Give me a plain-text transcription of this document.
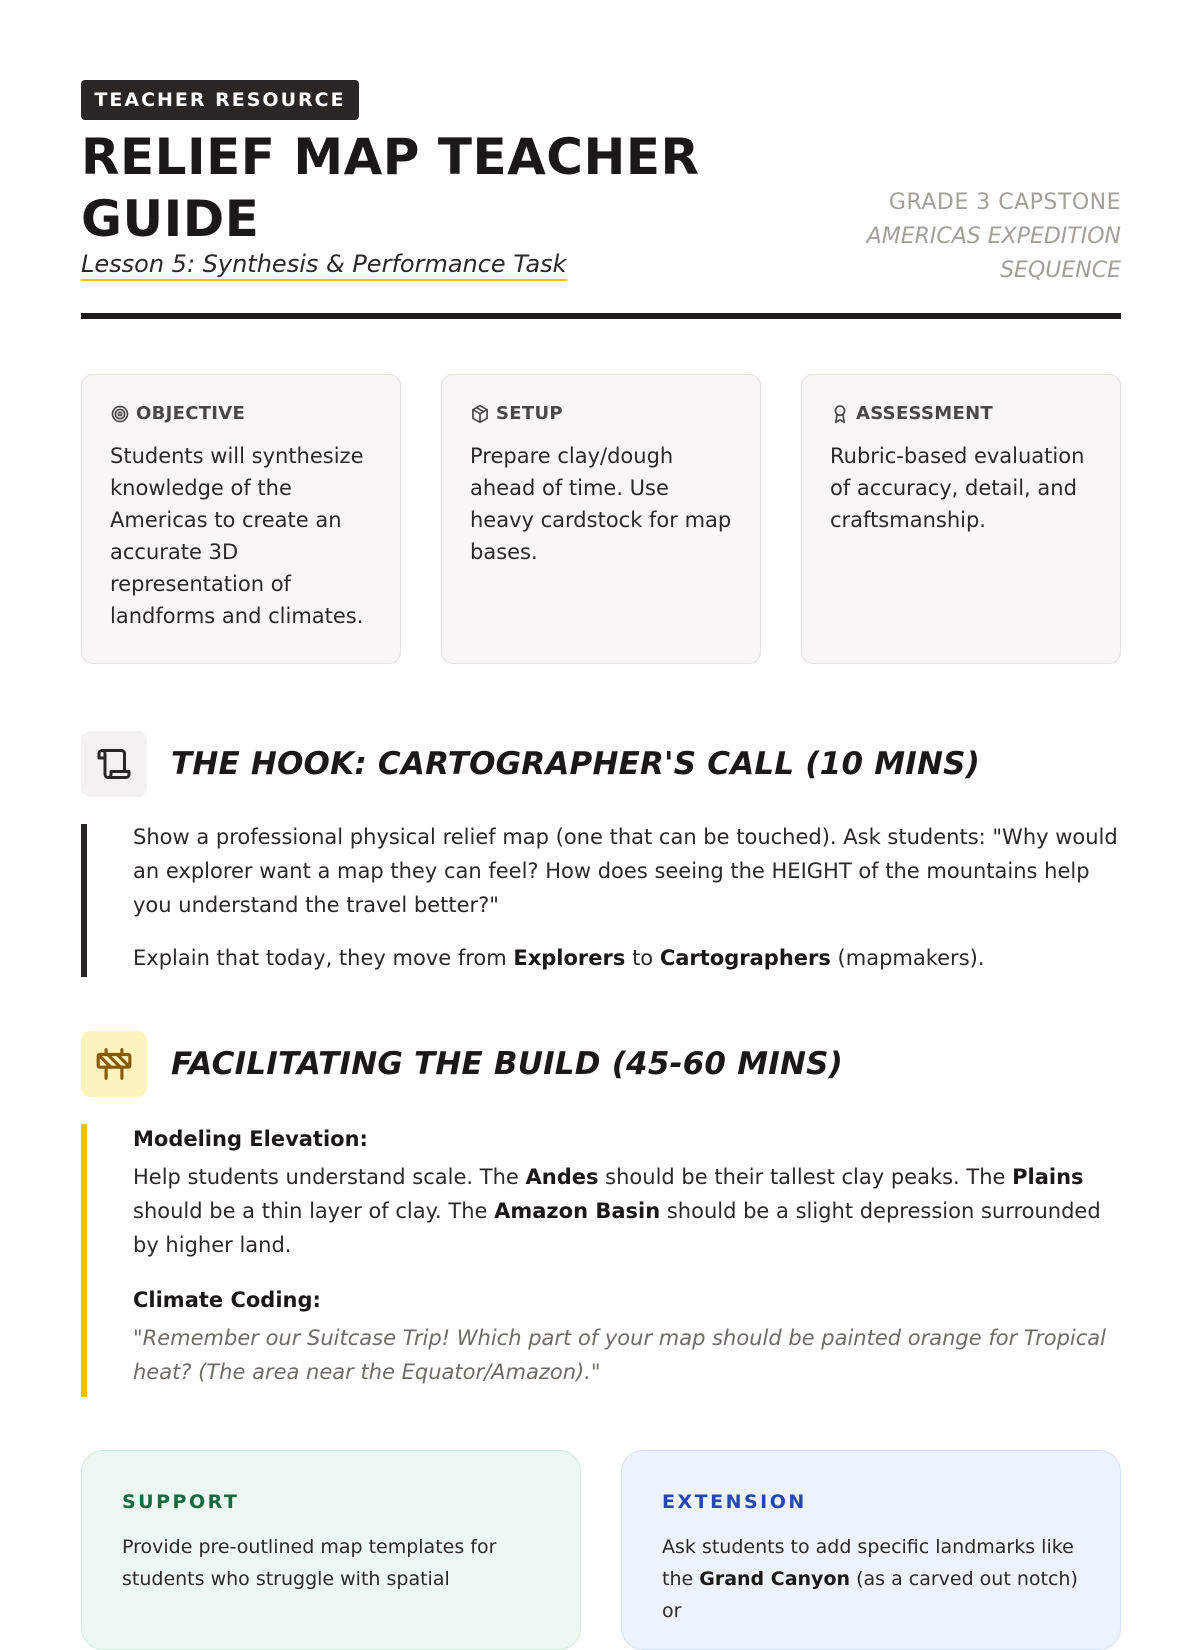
TEACHER RESOURCE
RELIEF MAP TEACHER GUIDE
Lesson 5: Synthesis & Performance Task
GRADE 3 CAPSTONE
AMERICAS EXPEDITION SEQUENCE
OBJECTIVE
Students will synthesize knowledge of the Americas to create an accurate 3D representation of landforms and climates.
SETUP
Prepare clay/dough ahead of time. Use heavy cardstock for map bases.
ASSESSMENT
Rubric-based evaluation of accuracy, detail, and craftsmanship.
THE HOOK: CARTOGRAPHER'S CALL (10 MINS)

Show a professional physical relief map (one that can be touched). Ask students: "Why would an explorer want a map they can feel? How does seeing the HEIGHT of the mountains help you understand the travel better?"

Explain that today, they move from Explorers to Cartographers (mapmakers).

FACILITATING THE BUILD (45-60 MINS)
Modeling Elevation:

Help students understand scale. The Andes should be their tallest clay peaks. The Plains should be a thin layer of clay. The Amazon Basin should be a slight depression surrounded by higher land.

Climate Coding:

"Remember our Suitcase Trip! Which part of your map should be painted orange for Tropical heat? (The area near the Equator/Amazon)."

SUPPORT
Provide pre-outlined map templates for students who struggle with spatial
EXTENSION
Ask students to add specific landmarks like the Grand Canyon (as a carved out notch) or
